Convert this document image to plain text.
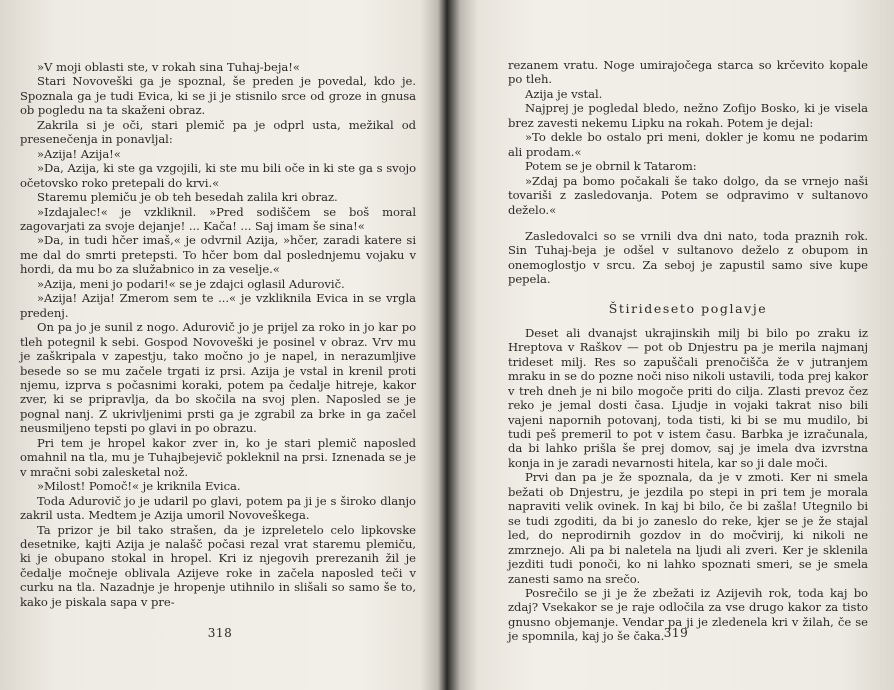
»V moji oblasti ste, v rokah sina Tuhaj-beja!«

Stari Novoveški ga je spoznal, še preden je povedal, kdo je. Spoznala ga je tudi Evica, ki se ji je stisnilo srce od groze in gnusa ob pogledu na ta skaženi obraz.

Zakrila si je oči, stari plemič pa je odprl usta, mežikal od presenečenja in ponavljal:

»Azija! Azija!«

»Da, Azija, ki ste ga vzgojili, ki ste mu bili oče in ki ste ga s svojo očetovsko roko pretepali do krvi.«

Staremu plemiču je ob teh besedah zalila kri obraz.

»Izdajalec!« je vzkliknil. »Pred sodiščem se boš moral zagovarjati za svoje dejanje! ... Kača! ... Saj imam še sina!«

»Da, in tudi hčer imaš,« je odvrnil Azija, »hčer, zaradi katere si me dal do smrti pretepsti. To hčer bom dal poslednjemu vojaku v hordi, da mu bo za služabnico in za veselje.«

»Azija, meni jo podari!« se je zdajci oglasil Adurovič.

»Azija! Azija! Zmerom sem te ...« je vzkliknila Evica in se vrgla predenj.

On pa jo je sunil z nogo. Adurovič jo je prijel za roko in jo kar po tleh potegnil k sebi. Gospod Novoveški je posinel v obraz. Vrv mu je zaškripala v zapestju, tako močno jo je napel, in nerazumljive besede so se mu začele trgati iz prsi. Azija je vstal in krenil proti njemu, izprva s počasnimi koraki, potem pa čedalje hitreje, kakor zver, ki se pripravlja, da bo skočila na svoj plen. Naposled se je pognal nanj. Z ukrivljenimi prsti ga je zgrabil za brke in ga začel neusmiljeno tepsti po glavi in po obrazu.

Pri tem je hropel kakor zver in, ko je stari plemič naposled omahnil na tla, mu je Tuhajbejevič pokleknil na prsi. Iznenada se je v mračni sobi zalesketal nož.

»Milost! Pomoč!« je kriknila Evica.

Toda Adurovič jo je udaril po glavi, potem pa ji je s široko dlanjo zakril usta. Medtem je Azija umoril Novoveškega.

Ta prizor je bil tako strašen, da je izpreletelo celo lipkovske desetnike, kajti Azija je nalašč počasi rezal vrat staremu plemiču, ki je obupano stokal in hropel. Kri iz njegovih prerezanih žil je čedalje močneje oblivala Azijeve roke in začela naposled teči v curku na tla. Nazadnje je hropenje utihnilo in slišali so samo še to, kako je piskala sapa v pre-

318

rezanem vratu. Noge umirajočega starca so krčevito kopale po tleh.

Azija je vstal.

Najprej je pogledal bledo, nežno Zofijo Bosko, ki je visela brez zavesti nekemu Lipku na rokah. Potem je dejal:

»To dekle bo ostalo pri meni, dokler je komu ne podarim ali prodam.«

Potem se je obrnil k Tatarom:

»Zdaj pa bomo počakali še tako dolgo, da se vrnejo naši tovariši z zasledovanja. Potem se odpravimo v sultanovo deželo.«

Zasledovalci so se vrnili dva dni nato, toda praznih rok. Sin Tuhaj-beja je odšel v sultanovo deželo z obupom in onemoglostjo v srcu. Za seboj je zapustil samo sive kupe pepela.

Štirideseto poglavje

Deset ali dvanajst ukrajinskih milj bi bilo po zraku iz Hreptova v Raškov — pot ob Dnjestru pa je merila najmanj trideset milj. Res so zapuščali prenočišča že v jutranjem mraku in se do pozne noči niso nikoli ustavili, toda prej kakor v treh dneh je ni bilo mogoče priti do cilja. Zlasti prevoz čez reko je jemal dosti časa. Ljudje in vojaki takrat niso bili vajeni napornih potovanj, toda tisti, ki bi se mu mudilo, bi tudi peš premeril to pot v istem času. Barbka je izračunala, da bi lahko prišla še prej domov, saj je imela dva izvrstna konja in je zaradi nevarnosti hitela, kar so ji dale moči.

Prvi dan pa je že spoznala, da je v zmoti. Ker ni smela bežati ob Dnjestru, je jezdila po stepi in pri tem je morala napraviti velik ovinek. In kaj bi bilo, če bi zašla! Utegnilo bi se tudi zgoditi, da bi jo zaneslo do reke, kjer se je že stajal led, do neprodirnih gozdov in do močvirij, ki nikoli ne zmrznejo. Ali pa bi naletela na ljudi ali zveri. Ker je sklenila jezditi tudi ponoči, ko ni lahko spoznati smeri, se je smela zanesti samo na srečo.

Posrečilo se ji je že zbežati iz Azijevih rok, toda kaj bo zdaj? Vsekakor se je raje odločila za vse drugo kakor za tisto gnusno objemanje. Vendar pa ji je zledenela kri v žilah, če se je spomnila, kaj jo še čaka. 319
